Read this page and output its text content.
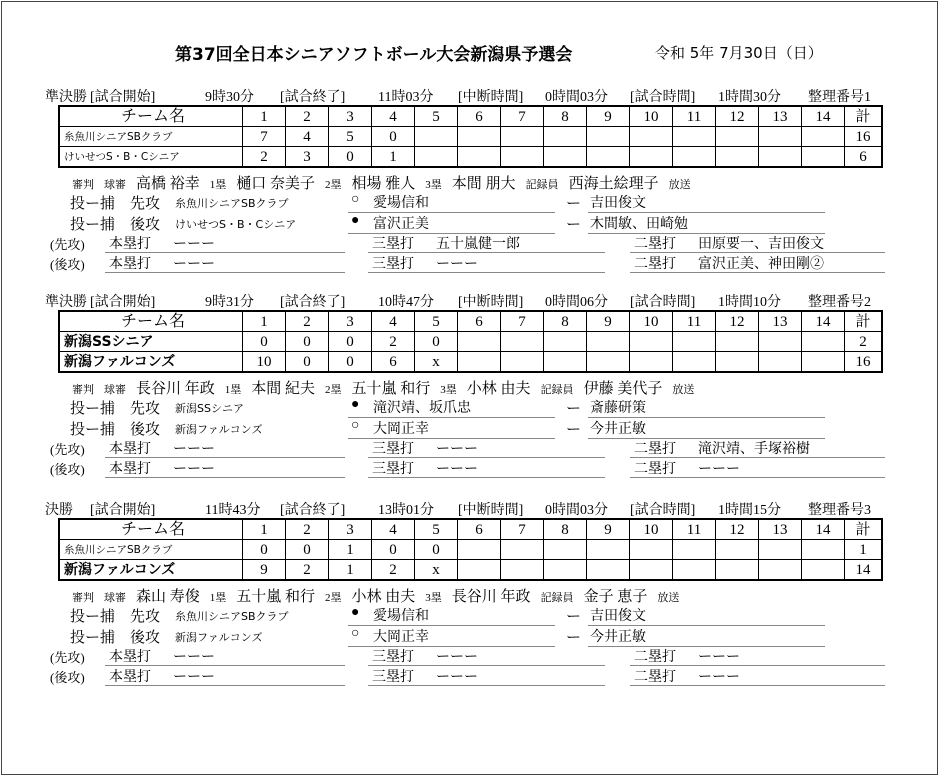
第37回全日本シニアソフトボール大会新潟県予選会	令和 5年 7月30日（日）
準決勝 [試合開始]	9時30分 [試合終了] 11時03分 [中断時間] 0時間03分 [試合時間] 1時間30分 整理番号1
チーム名	1	2	3	4	5	6	7	8	9	10	11	12	13	14	計
糸魚川シニアSBクラブ	7	4	5	0											16
けいせつS・B・Cシニア	2	3	0	1											6
審判 球審 高橋 裕幸 1塁 樋口 奈美子 2塁 相場 雅人 3塁 本間 朋大 記録員 西海土絵理子 放送
投ー捕 先攻 糸魚川シニアSBクラブ	○ 愛場信和	ー 吉田俊文
投ー捕 後攻 けいせつS・B・Cシニア	● 富沢正美	ー 木間敏、田崎勉
(先攻) 本塁打 ーーー	三塁打 五十嵐健一郎	二塁打 田原要一、吉田俊文
(後攻) 本塁打 ーーー	三塁打 ーーー	二塁打 富沢正美、神田剛②
準決勝 [試合開始]	9時31分 [試合終了] 10時47分 [中断時間] 0時間06分 [試合時間] 1時間10分 整理番号2
チーム名	1	2	3	4	5	6	7	8	9	10	11	12	13	14	計
新潟SSシニア	0	0	0	2	0										2
新潟ファルコンズ	10	0	0	6	x										16
審判 球審 長谷川 年政 1塁 本間 紀夫 2塁 五十嵐 和行 3塁 小林 由夫 記録員 伊藤 美代子 放送
投ー捕 先攻 新潟SSシニア	● 滝沢靖、坂爪忠	ー 斎藤研策
投ー捕 後攻 新潟ファルコンズ	○ 大岡正幸	ー 今井正敏
(先攻) 本塁打 ーーー	三塁打 ーーー	二塁打 滝沢靖、手塚裕樹
(後攻) 本塁打 ーーー	三塁打 ーーー	二塁打 ーーー
決勝 [試合開始]	11時43分 [試合終了] 13時01分 [中断時間] 0時間03分 [試合時間] 1時間15分 整理番号3
チーム名	1	2	3	4	5	6	7	8	9	10	11	12	13	14	計
糸魚川シニアSBクラブ	0	0	1	0	0										1
新潟ファルコンズ	9	2	1	2	x										14
審判 球審 森山 寿俊 1塁 五十嵐 和行 2塁 小林 由夫 3塁 長谷川 年政 記録員 金子 恵子 放送
投ー捕 先攻 糸魚川シニアSBクラブ	● 愛場信和	ー 吉田俊文
投ー捕 後攻 新潟ファルコンズ	○ 大岡正幸	ー 今井正敏
(先攻) 本塁打 ーーー	三塁打 ーーー	二塁打 ーーー
(後攻) 本塁打 ーーー	三塁打 ーーー	二塁打 ーーー
